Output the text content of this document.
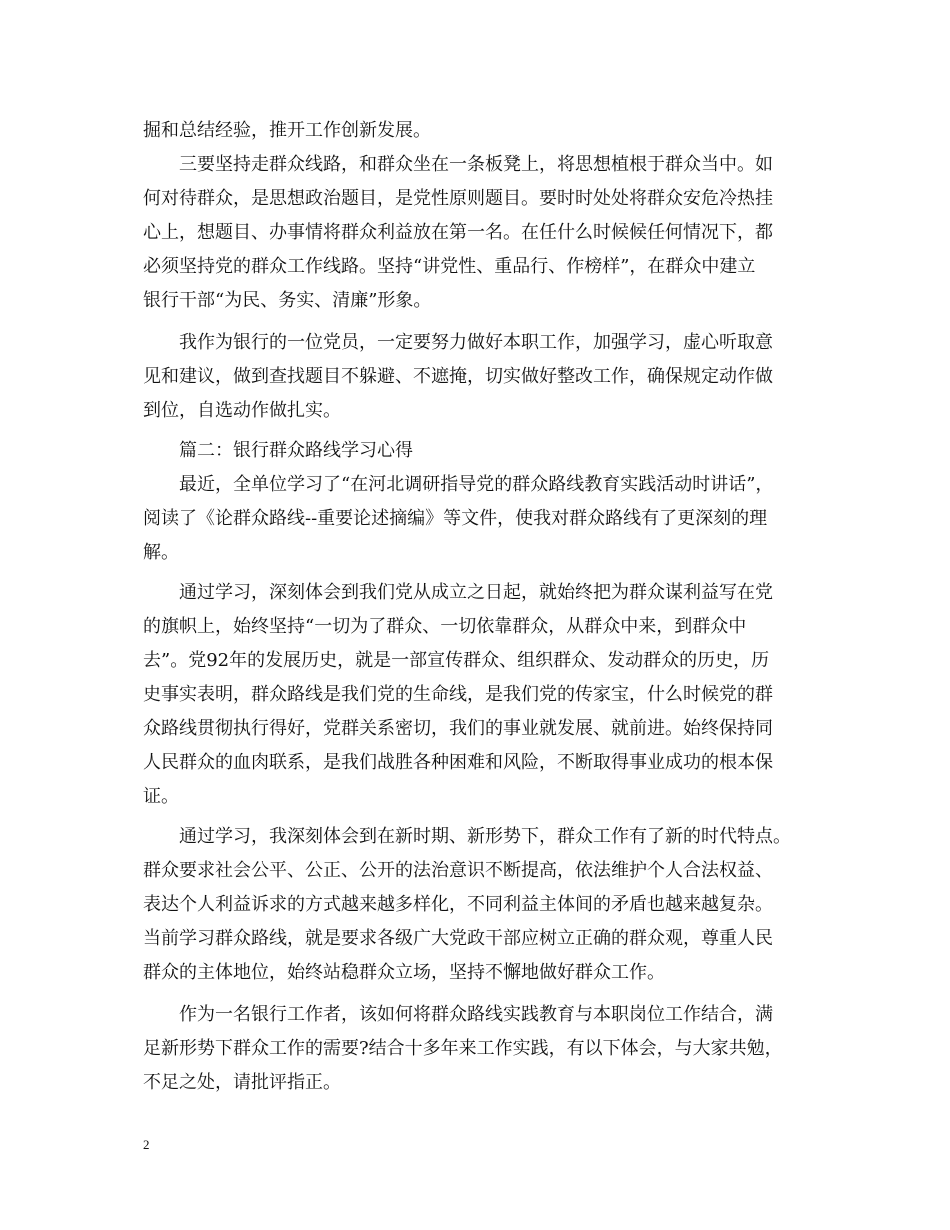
掘和总结经验，推开工作创新发展。
三要坚持走群众线路，和群众坐在一条板凳上，将思想植根于群众当中。如
何对待群众，是思想政治题目，是党性原则题目。要时时处处将群众安危冷热挂
心上，想题目、办事情将群众利益放在第一名。在任什么时候候任何情况下，都
必须坚持党的群众工作线路。坚持“讲党性、重品行、作榜样”，在群众中建立
银行干部“为民、务实、清廉”形象。
我作为银行的一位党员，一定要努力做好本职工作，加强学习，虚心听取意
见和建议，做到查找题目不躲避、不遮掩，切实做好整改工作，确保规定动作做
到位，自选动作做扎实。
篇二：银行群众路线学习心得
最近，全单位学习了“在河北调研指导党的群众路线教育实践活动时讲话”，
阅读了《论群众路线--重要论述摘编》等文件，使我对群众路线有了更深刻的理
解。
通过学习，深刻体会到我们党从成立之日起，就始终把为群众谋利益写在党
的旗帜上，始终坚持“一切为了群众、一切依靠群众，从群众中来，到群众中
去”。党92年的发展历史，就是一部宣传群众、组织群众、发动群众的历史，历
史事实表明，群众路线是我们党的生命线，是我们党的传家宝，什么时候党的群
众路线贯彻执行得好，党群关系密切，我们的事业就发展、就前进。始终保持同
人民群众的血肉联系，是我们战胜各种困难和风险，不断取得事业成功的根本保
证。
通过学习，我深刻体会到在新时期、新形势下，群众工作有了新的时代特点。
群众要求社会公平、公正、公开的法治意识不断提高，依法维护个人合法权益、
表达个人利益诉求的方式越来越多样化，不同利益主体间的矛盾也越来越复杂。
当前学习群众路线，就是要求各级广大党政干部应树立正确的群众观，尊重人民
群众的主体地位，始终站稳群众立场，坚持不懈地做好群众工作。
作为一名银行工作者，该如何将群众路线实践教育与本职岗位工作结合，满
足新形势下群众工作的需要?结合十多年来工作实践，有以下体会，与大家共勉，
不足之处，请批评指正。
2
